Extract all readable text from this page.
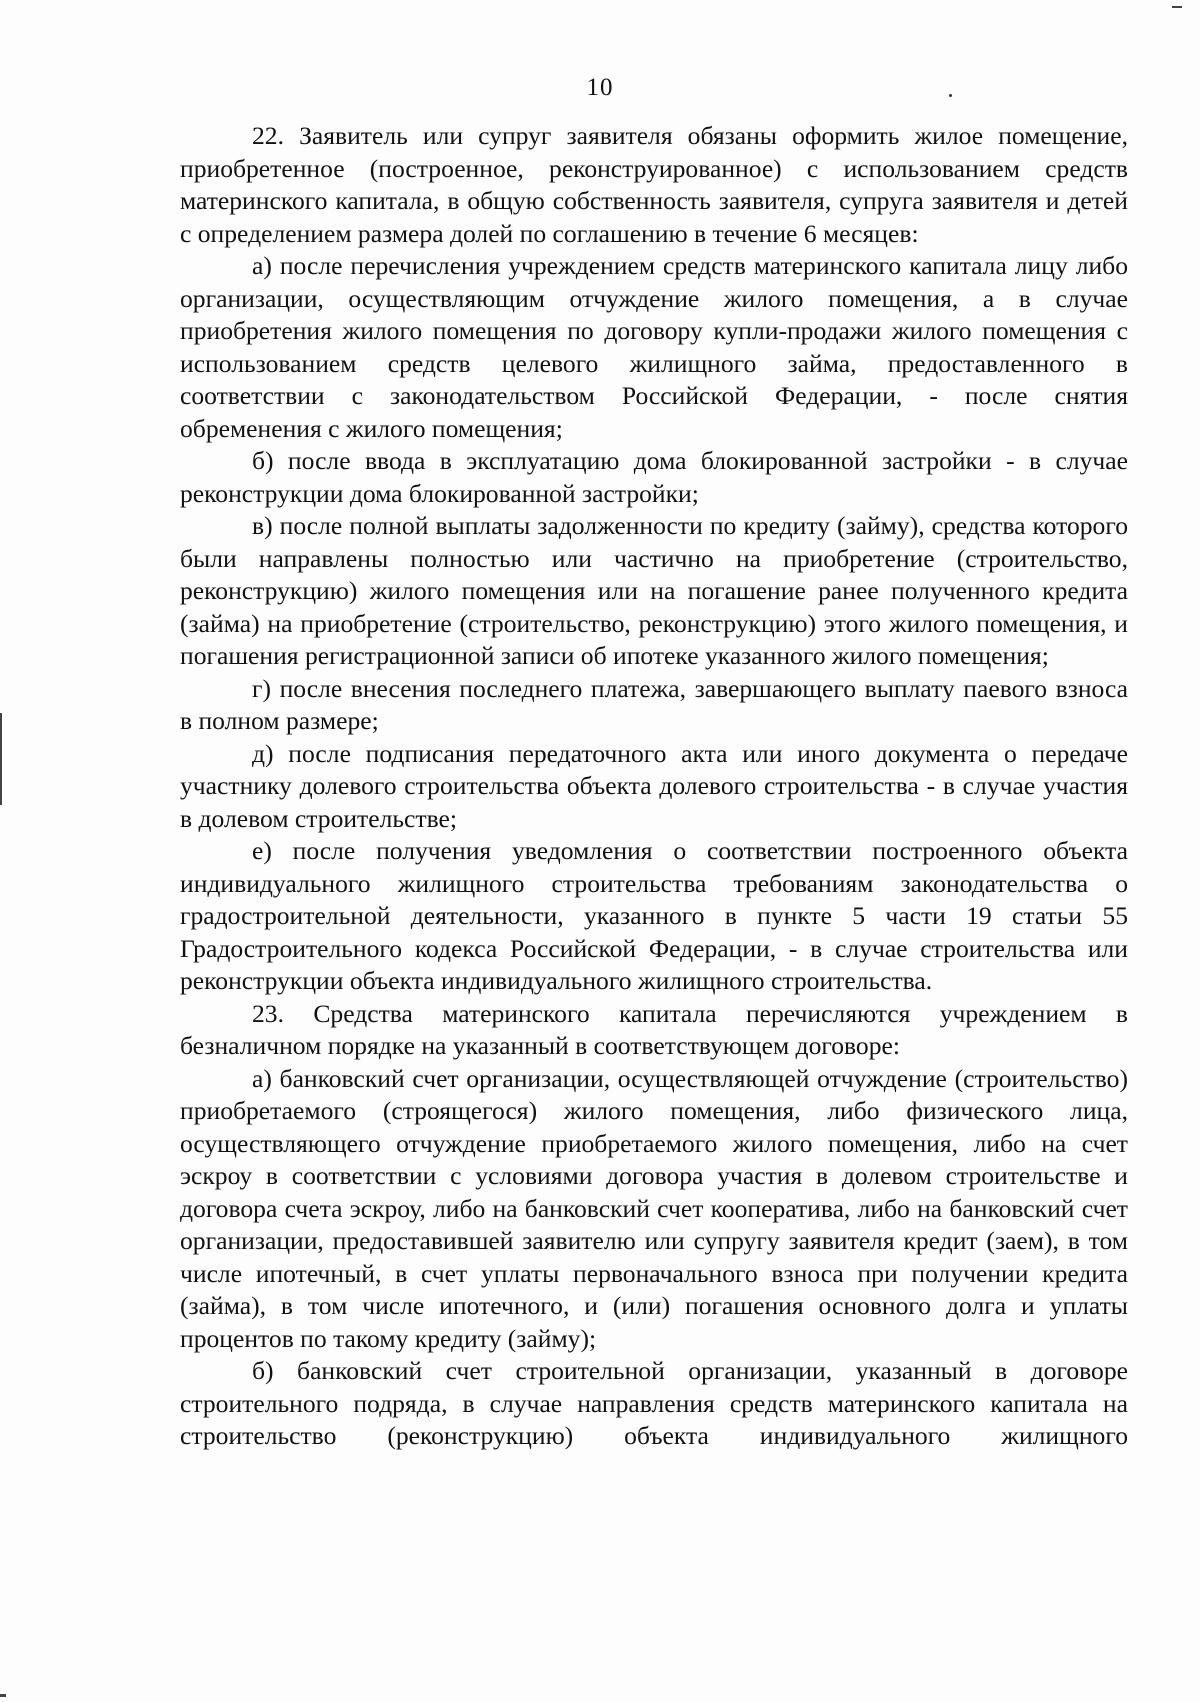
10

22. Заявитель или супруг заявителя обязаны оформить жилое помещение, приобретенное (построенное, реконструированное) с использованием средств материнского капитала, в общую собственность заявителя, супруга заявителя и детей с определением размера долей по соглашению в течение 6 месяцев:

а) после перечисления учреждением средств материнского капитала лицу либо организации, осуществляющим отчуждение жилого помещения, а в случае приобретения жилого помещения по договору купли-продажи жилого помещения с использованием средств целевого жилищного займа, предоставленного в соответствии с законодательством Российской Федерации, - после снятия обременения с жилого помещения;

б) после ввода в эксплуатацию дома блокированной застройки - в случае реконструкции дома блокированной застройки;

в) после полной выплаты задолженности по кредиту (займу), средства которого были направлены полностью или частично на приобретение (строительство, реконструкцию) жилого помещения или на погашение ранее полученного кредита (займа) на приобретение (строительство, реконструкцию) этого жилого помещения, и погашения регистрационной записи об ипотеке указанного жилого помещения;

г) после внесения последнего платежа, завершающего выплату паевого взноса в полном размере;

д) после подписания передаточного акта или иного документа о передаче участнику долевого строительства объекта долевого строительства - в случае участия в долевом строительстве;

е) после получения уведомления о соответствии построенного объекта индивидуального жилищного строительства требованиям законодательства о градостроительной деятельности, указанного в пункте 5 части 19 статьи 55 Градостроительного кодекса Российской Федерации, - в случае строительства или реконструкции объекта индивидуального жилищного строительства.

23. Средства материнского капитала перечисляются учреждением в безналичном порядке на указанный в соответствующем договоре:

а) банковский счет организации, осуществляющей отчуждение (строительство) приобретаемого (строящегося) жилого помещения, либо физического лица, осуществляющего отчуждение приобретаемого жилого помещения, либо на счет эскроу в соответствии с условиями договора участия в долевом строительстве и договора счета эскроу, либо на банковский счет кооператива, либо на банковский счет организации, предоставившей заявителю или супругу заявителя кредит (заем), в том числе ипотечный, в счет уплаты первоначального взноса при получении кредита (займа), в том числе ипотечного, и (или) погашения основного долга и уплаты процентов по такому кредиту (займу);

б) банковский счет строительной организации, указанный в договоре строительного подряда, в случае направления средств материнского капитала на строительство (реконструкцию) объекта индивидуального жилищного
